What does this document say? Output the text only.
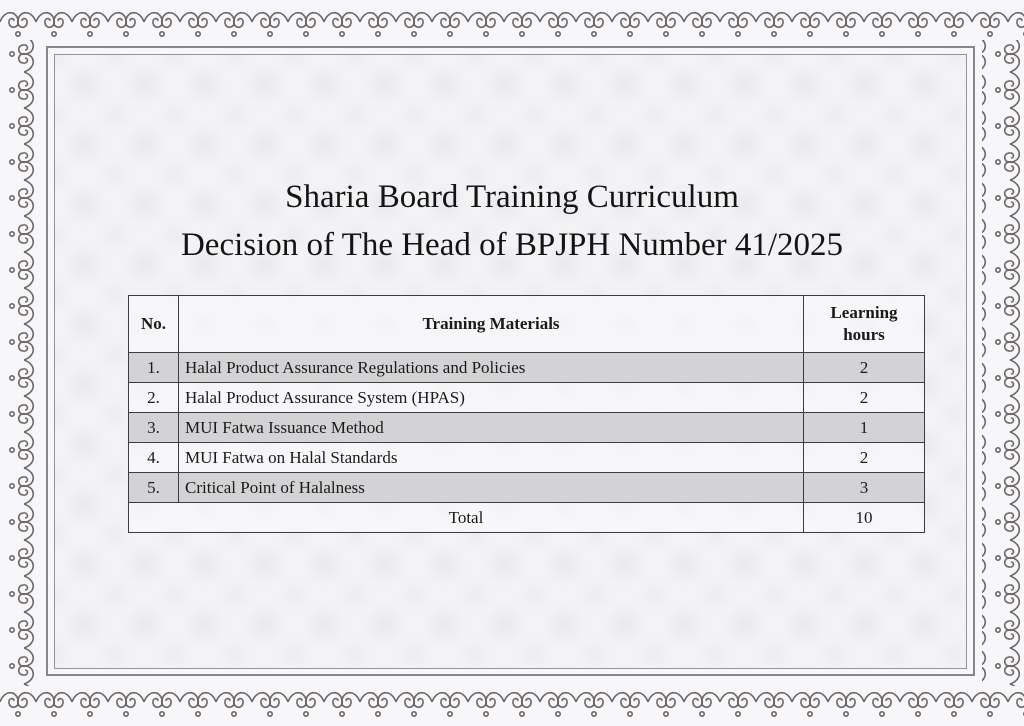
Sharia Board Training Curriculum
Decision of The Head of BPJPH Number 41/2025
No.	Training Materials	Learning hours
1.	Halal Product Assurance Regulations and Policies	2
2.	Halal Product Assurance System (HPAS)	2
3.	MUI Fatwa Issuance Method	1
4.	MUI Fatwa on Halal Standards	2
5.	Critical Point of Halalness	3
Total		10
